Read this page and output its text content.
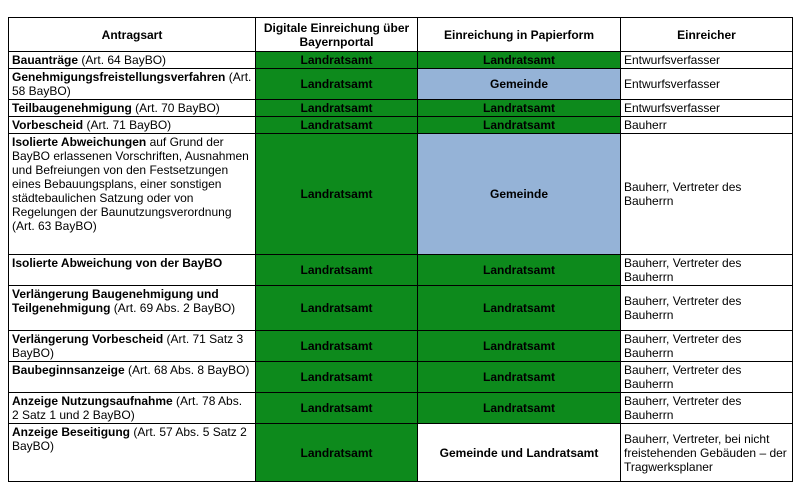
Antragsart	Digitale Einreichung über Bayernportal	Einreichung in Papierform	Einreicher
Bauanträge (Art. 64 BayBO)	Landratsamt	Landratsamt	Entwurfsverfasser
Genehmigungsfreistellungsverfahren (Art. 58 BayBO)	Landratsamt	Gemeinde	Entwurfsverfasser
Teilbaugenehmigung (Art. 70 BayBO)	Landratsamt	Landratsamt	Entwurfsverfasser
Vorbescheid (Art. 71 BayBO)	Landratsamt	Landratsamt	Bauherr
Isolierte Abweichungen auf Grund der BayBO erlassenen Vorschriften, Ausnahmen und Befreiungen von den Festsetzungen eines Bebauungsplans, einer sonstigen städtebaulichen Satzung oder von Regelungen der Baunutzungsverordnung (Art. 63 BayBO)	Landratsamt	Gemeinde	Bauherr, Vertreter des Bauherrn
Isolierte Abweichung von der BayBO	Landratsamt	Landratsamt	Bauherr, Vertreter des Bauherrn
Verlängerung Baugenehmigung und Teilgenehmigung (Art. 69 Abs. 2 BayBO)	Landratsamt	Landratsamt	Bauherr, Vertreter des Bauherrn
Verlängerung Vorbescheid (Art. 71 Satz 3 BayBO)	Landratsamt	Landratsamt	Bauherr, Vertreter des Bauherrn
Baubeginnsanzeige (Art. 68 Abs. 8 BayBO)	Landratsamt	Landratsamt	Bauherr, Vertreter des Bauherrn
Anzeige Nutzungsaufnahme (Art. 78 Abs. 2 Satz 1 und 2 BayBO)	Landratsamt	Landratsamt	Bauherr, Vertreter des Bauherrn
Anzeige Beseitigung (Art. 57 Abs. 5 Satz 2 BayBO)	Landratsamt	Gemeinde und Landratsamt	Bauherr, Vertreter, bei nicht freistehenden Gebäuden – der Tragwerksplaner
